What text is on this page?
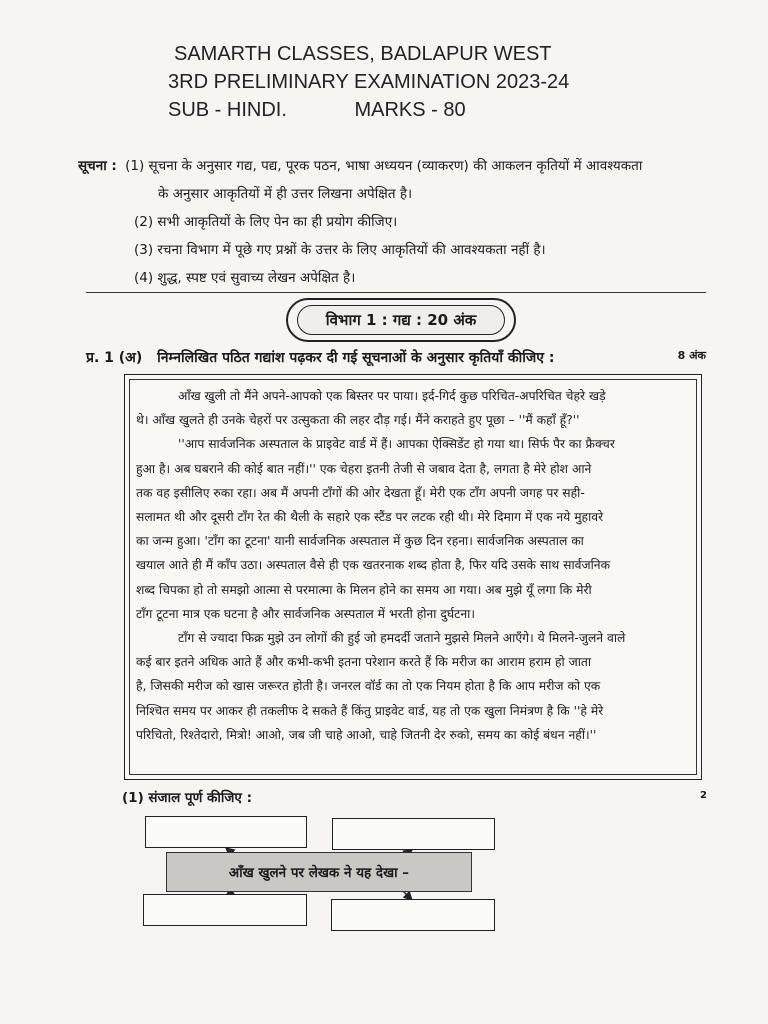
SAMARTH CLASSES, BADLAPUR WEST
3RD PRELIMINARY EXAMINATION 2023-24
SUB - HINDI.	MARKS - 80
सूचना : (1) सूचना के अनुसार गद्य, पद्य, पूरक पठन, भाषा अध्ययन (व्याकरण) की आकलन कृतियों में आवश्यकता
के अनुसार आकृतियों में ही उत्तर लिखना अपेक्षित है।
(2) सभी आकृतियों के लिए पेन का ही प्रयोग कीजिए।
(3) रचना विभाग में पूछे गए प्रश्नों के उत्तर के लिए आकृतियों की आवश्यकता नहीं है।
(4) शुद्ध, स्पष्ट एवं सुवाच्य लेखन अपेक्षित है।
विभाग 1 : गद्य : 20 अंक
प्र. 1 (अ) निम्नलिखित पठित गद्यांश पढ़कर दी गई सूचनाओं के अनुसार कृतियाँ कीजिए :	8 अंक
आँख खुली तो मैंने अपने-आपको एक बिस्तर पर पाया। इर्द-गिर्द कुछ परिचित-अपरिचित चेहरे खड़े
थे। आँख खुलते ही उनके चेहरों पर उत्सुकता की लहर दौड़ गई। मैंने कराहते हुए पूछा – ''मैं कहाँ हूँ?''
''आप सार्वजनिक अस्पताल के प्राइवेट वार्ड में हैं। आपका ऐक्सिडेंट हो गया था। सिर्फ पैर का फ्रैक्चर
हुआ है। अब घबराने की कोई बात नहीं।'' एक चेहरा इतनी तेजी से जबाव देता है, लगता है मेरे होश आने
तक वह इसीलिए रुका रहा। अब मैं अपनी टाँगों की ओर देखता हूँ। मेरी एक टाँग अपनी जगह पर सही-
सलामत थी और दूसरी टाँग रेत की थैली के सहारे एक स्टैंड पर लटक रही थी। मेरे दिमाग में एक नये मुहावरे
का जन्म हुआ। 'टाँग का टूटना' यानी सार्वजनिक अस्पताल में कुछ दिन रहना। सार्वजनिक अस्पताल का
खयाल आते ही मैं काँप उठा। अस्पताल वैसे ही एक खतरनाक शब्द होता है, फिर यदि उसके साथ सार्वजनिक
शब्द चिपका हो तो समझो आत्मा से परमात्मा के मिलन होने का समय आ गया। अब मुझे यूँ लगा कि मेरी
टाँग टूटना मात्र एक घटना है और सार्वजनिक अस्पताल में भरती होना दुर्घटना।
टाँग से ज्यादा फिक्र मुझे उन लोगों की हुई जो हमदर्दी जताने मुझसे मिलने आएँगे। ये मिलने-जुलने वाले
कई बार इतने अधिक आते हैं और कभी-कभी इतना परेशान करते हैं कि मरीज का आराम हराम हो जाता
है, जिसकी मरीज को खास जरूरत होती है। जनरल वॉर्ड का तो एक नियम होता है कि आप मरीज को एक
निश्चित समय पर आकर ही तकलीफ दे सकते हैं किंतु प्राइवेट वार्ड, यह तो एक खुला निमंत्रण है कि ''हे मेरे
परिचितो, रिश्तेदारो, मित्रो! आओ, जब जी चाहे आओ, चाहे जितनी देर रुको, समय का कोई बंधन नहीं।''
(1) संजाल पूर्ण कीजिए :	2
आँख खुलने पर लेखक ने यह देखा –
